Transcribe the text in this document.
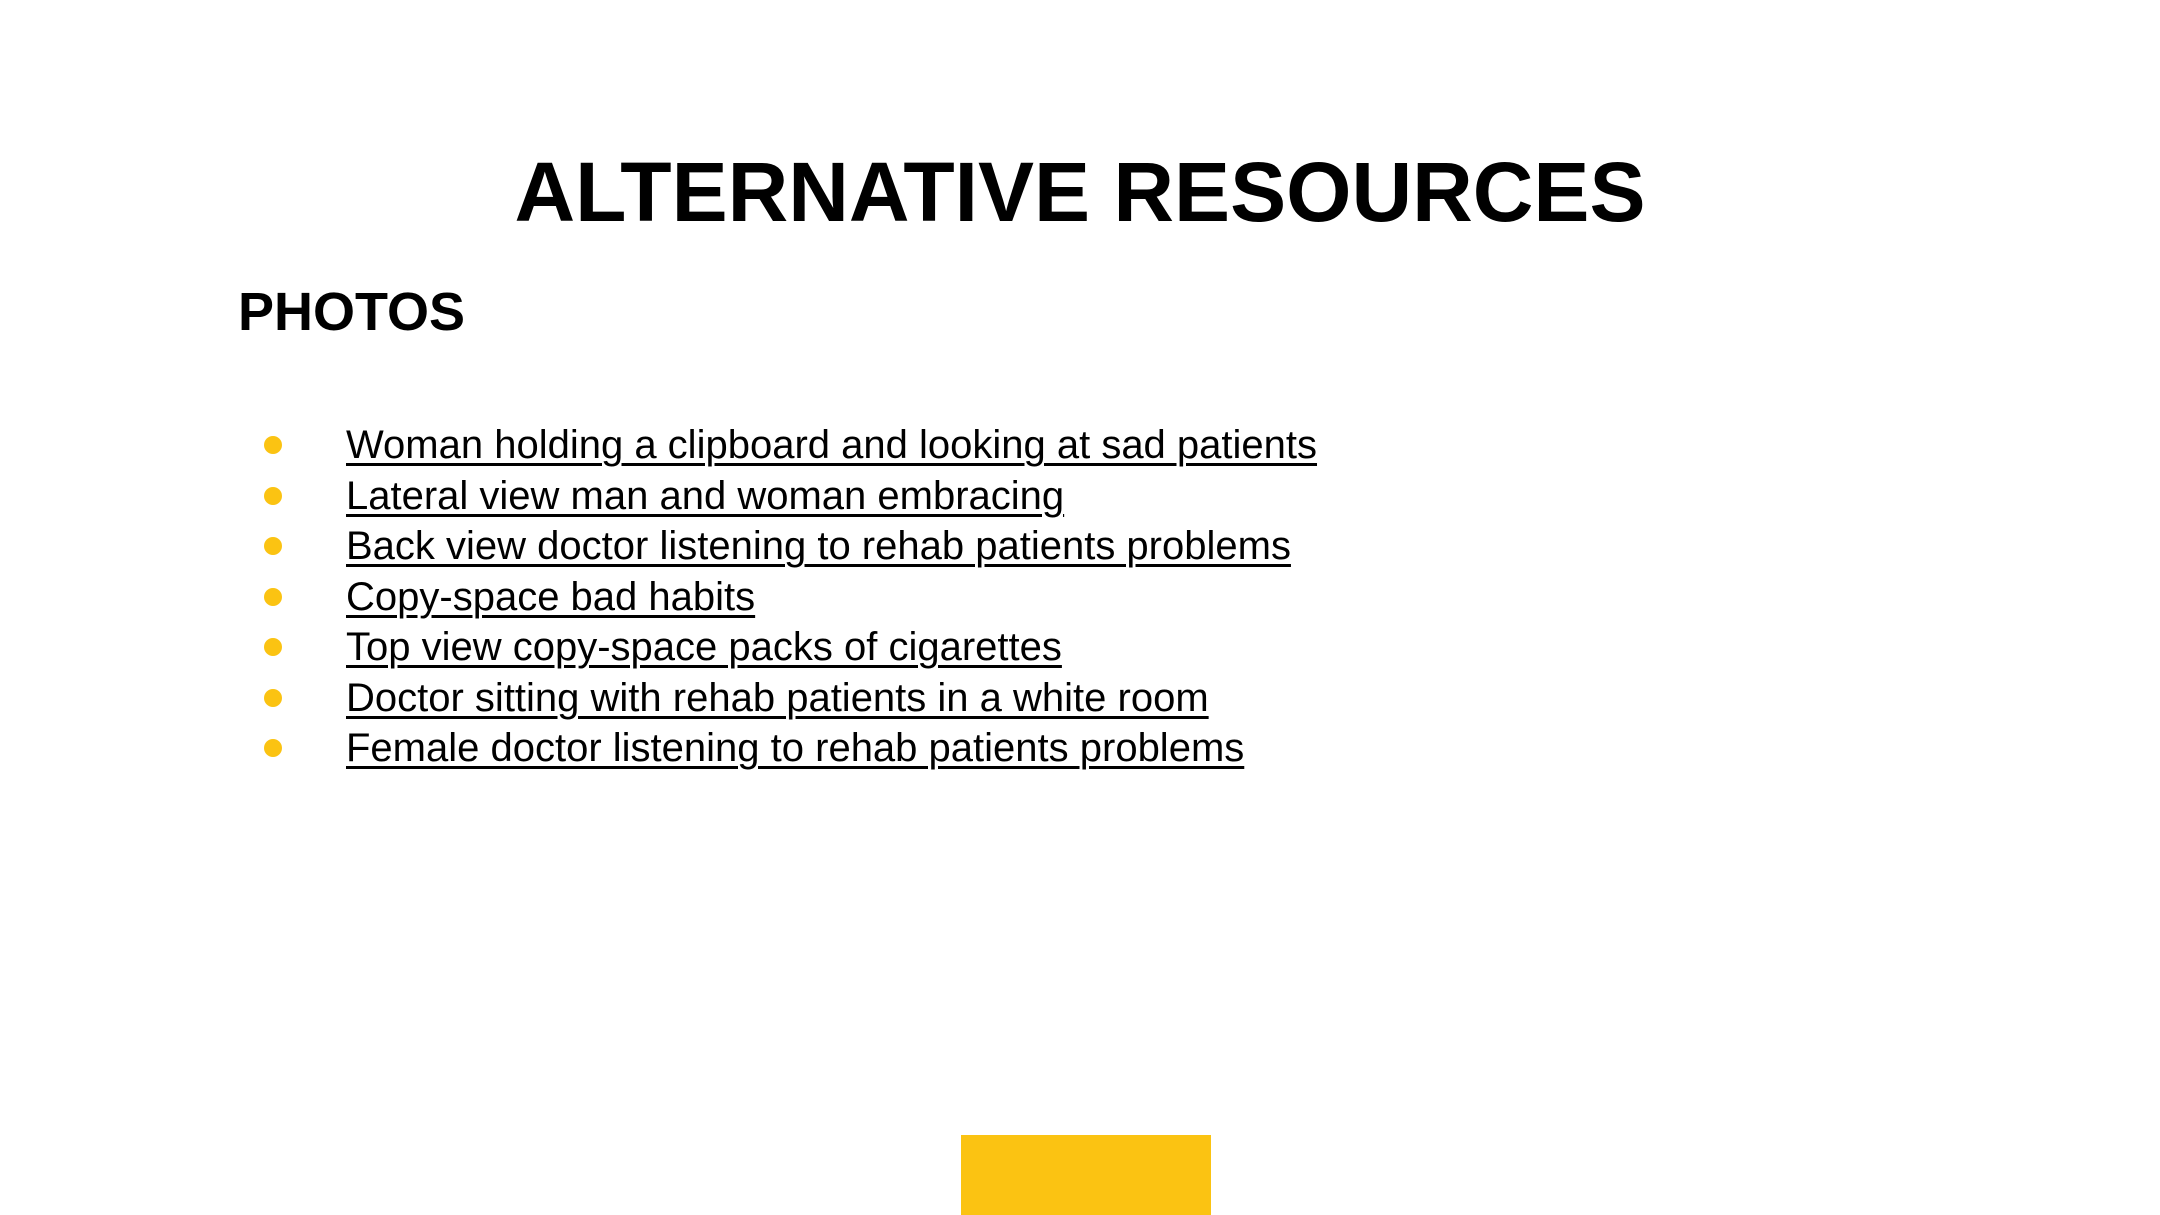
ALTERNATIVE RESOURCES
PHOTOS
Woman holding a clipboard and looking at sad patients
Lateral view man and woman embracing
Back view doctor listening to rehab patients problems
Copy-space bad habits
Top view copy-space packs of cigarettes
Doctor sitting with rehab patients in a white room
Female doctor listening to rehab patients problems
